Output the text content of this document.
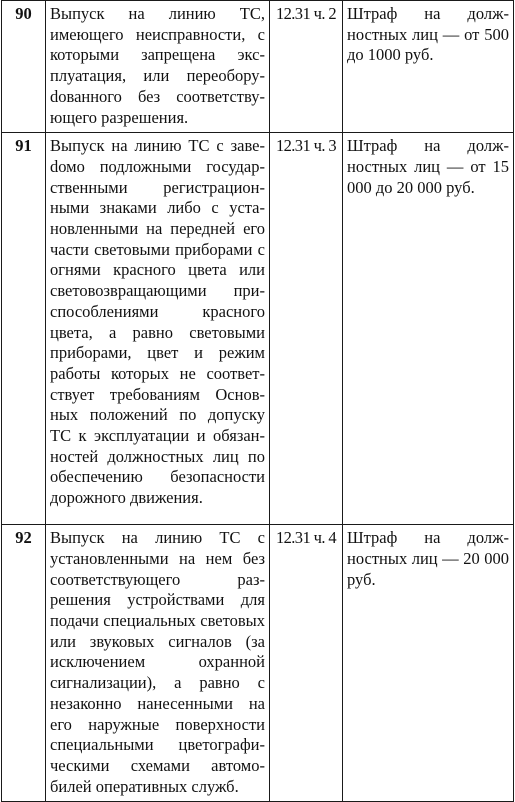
90	Выпуск на линию ТС, имеющего неисправности, с которыми запрещена эксплуатация, или переоборуdованного без соответствующего разрешения.	12.31 ч. 2	Штраф на должностных лиц — от 500 до 1000 руб.
91	Выпуск на линию ТС с завеdомо подложными государственными регистрационными знаками либо с установленными на передней его части световыми приборами с огнями красного цвета или световозвращающими приспособлениями красного цвета, а равно световыми приборами, цвет и режим работы которых не соответствует требованиям Основных положений по допуску ТС к эксплуатации и обязанностей должностных лиц по обеспечению безопасности дорожного движения.	12.31 ч. 3	Штраф на должностных лиц — от 15 000 до 20 000 руб.
92	Выпуск на линию ТС с установленными на нем без соответствующего разрешения устройствами для подачи специальных световых или звуковых сигналов (за исключением охранной сигнализации), а равно с незаконно нанесенными на его наружные поверхности специальными цветографическими схемами автомобилей оперативных служб.	12.31 ч. 4	Штраф на должностных лиц — 20 000 руб.
